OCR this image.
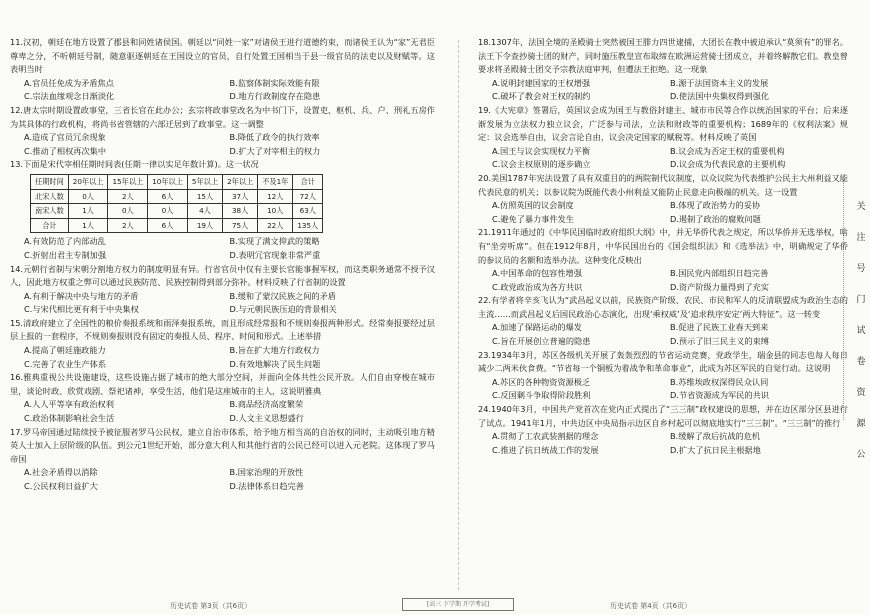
11.汉初，朝廷在地方设置了郡县和同姓诸侯国。朝廷以“同姓一家”对诸侯王进行道德约束，而诸侯王认为“家”无君臣尊卑之分，不听朝廷号制，随意驱逐朝廷在王国设立的官员，自行处置王国相当于县一级官员的法吏以及财赋等。这表明当时

A.官员任免成为矛盾焦点	B.监察体制实际效能有限
C.宗法血缘观念日渐淡化	D.地方行政制度存在隐患

12.唐太宗时期设置政事堂，三省长官在此办公；玄宗将政事堂改名为中书门下，设置吏、枢机、兵、户、刑礼五房作为其具体的行政机构，将尚书省管辖的六部迁居到了政事堂。这一调整

A.造成了官员冗余现象	B.降低了政令的执行效率
C.推动了相权再次集中	D.扩大了对宰相主的权力

13.下面是宋代宰相任期时间表(任期一律以实足年数计算)。这一状况

任期时间	20年以上	15年以上	10年以上	5年以上	2年以上	不及1年	合计
北宋人数	0人	2人	6人	15人	37人	12人	72人
南宋人数	1人	0人	0人	4人	38人	10人	63人
合计	1人	2人	6人	19人	75人	22人	135人
A.有效防范了内部动乱	B.实现了满文抑武的策略
C.折射出君主专制加强	D.表明冗官现象非常严重

14.元朝行省制与宋朝分割地方权力的制度明显有异。行省官员中仅有主要长官能事握军权，而这类职务通常不授予汉人，因此地方权重之弊可以通过民族防范、民族控制得到部分弥补。材料反映了行省制的设置

A.有利于解决中央与地方的矛盾	B.缓和了蒙汉民族之间的矛盾
C.与宋代相比更有利于中央集权	D.与元朝民族压迫的背景相关

15.清政府建立了全国性的粮价奏报系统和雨泽奏报系统，而且形成经常报和不规则奏报两种形式。经常奏报要经过层层上报的一套程序，不规则奏报则没有固定的奏报人员、程序、时间和形式。上述举措

A.提高了朝廷施政能力	B.旨在扩大地方行政权力
C.完善了农业生产体系	D.有效地解决了民生问题

16.雅典重视公共设施建设，这些设施占据了城市的绝大部分空间，并面向全体共性公民开放。人们自由穿梭在城市里，谈论时政、欣赏戏剧、祭祀诸神，享受生活，他们是这座城市的主人，这说明雅典

A.人人平等享有政治权利	B.商品经济高度繁荣
C.政治体制影响社会生活	D.人文主义思想盛行

17.罗马帝国通过陆续授予被征服者罗马公民权，建立自治市体系，给予地方相当高的自治权的同时，主动吸引地方精英人士加入上层阶级的队伍。到公元1世纪开始，部分意大利人和其他行省的公民已经可以进入元老院。这体现了罗马帝国

A.社会矛盾得以消除	B.国家治理的开放性
C.公民权利日益扩大	D.法律体系日趋完善

18.1307年，法国全境的圣殿骑士突然被国王腓力四世逮捕，大团长在教中被迫承认“莫须有”的罪名。法王下令查抄骑士团的财产，同时施压教皇宣布取缔在欧洲运营骑士团成立，并着终解散它们。教皇曾要求将圣殿骑士团交予宗教法庭审判，但遭法王拒绝。这一现象

A.说明封建国家的王权增强	B.源于法国资本主义的发展
C.破坏了教会对王权的制约	D.使法国中央集权得到强化

19.《大宪章》签署后，英国议会成为国王与教俗封建主、城市市民等合作以统治国家的平台；后来逐渐发展为立法权力独立议会，广泛参与司法，立法和财政等的重要机构；1689年的《权利法案》规定：议会选举自由，议会言论自由，议会决定国家的赋税等。材料反映了英国

A.国王与议会实现权力平衡	B.议会成为否定王权的重要机构
C.议会主权原则的逐步确立	D.议会成为代表民意的主要机构

20.美国1787年宪法设置了具有双重目的的两院制代议制度，以众议院为代表维护公民主大州利益又能代表民意的机关；以参议院为既能代表小州利益又能防止民意走向极端的机关。这一设置

A.仿照英国的议会制度	B.体现了政治势力的妥协
C.避免了暴力事件发生	D.遏制了政治的腐败问题

21.1911年通过的《中华民国临时政府组织大纲》中，并无华侨代表之规定，所以华侨并无选举权，啥有“坐旁听席”。但在1912年8月，中华民国出台的《国会组织法》和《选举法》中，明确规定了华侨的参议员的名额和选举办法。这种变化反映出

A.中国革命的包容性增强	B.国民党内部组织日趋完善
C.政党政治成为各方共识	D.资产阶级力量得到了充实

22.有学者将辛亥飞认为“武昌起义以前，民族资产阶级、农民、市民和军人的反清联盟成为政治生态的主流……而武昌起义后国民政治心态演化，出现‘乘权威’及‘追求秩序安定’两大特征”。这一转变

A.加速了保路运动的爆发	B.促进了民族工业春天到来
C.旨在开展创立普遍的隐患	D.预示了旧三民主义的束缚

23.1934年3月，苏区各级机关开展了轰轰烈烈的节省运动竞赛，党政学生，瑞金县的同志也每人每日减少二两米伙食费。“节省每一个铜板为着战争和革命事业”，此成为苏区军民的自觉行动。这说明

A.苏区的各种物资资源极乏	B.苏维埃政权深得民众认同
C.反国剿斗争取得阶段胜利	D.节省资源成为军民的共识

24.1940年3月，中国共产党首次在党内正式提出了“三三制”政权建设的思想，并在边区部分区县进行了试点。1941年1月，中共边区中央局指示边区自乡村起可以彻底地实行“三三制”。“三三制”的推行

A.贯彻了工农武装割据的理念	B.缓解了敌后抗战的危机
C.推进了抗日统战工作的发展	D.扩大了抗日民主根据地
关
注
号
门
试
卷
资
源
公
历史试卷 第3页（共6页）	[高三 下学期 开学考试]	历史试卷 第4页（共6页）
